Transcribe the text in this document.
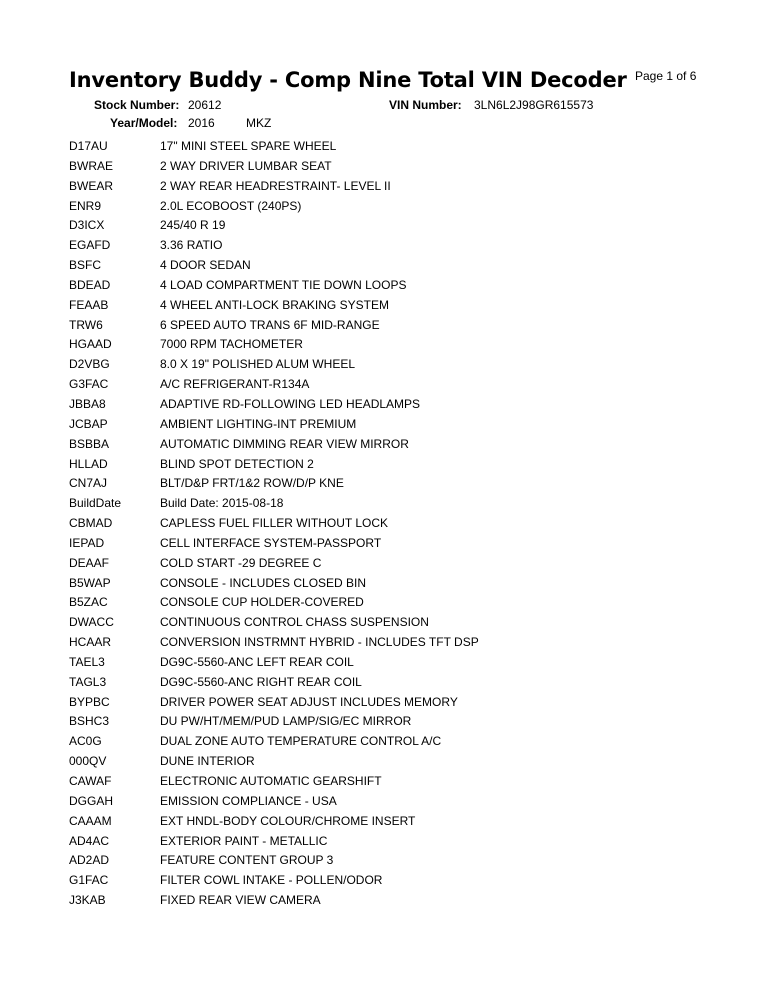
Inventory Buddy - Comp Nine Total VIN Decoder Page 1 of 6
Stock Number: 20612	VIN Number: 3LN6L2J98GR615573
Year/Model: 2016	MKZ
D17AU	17" MINI STEEL SPARE WHEEL
BWRAE	2 WAY DRIVER LUMBAR SEAT
BWEAR	2 WAY REAR HEADRESTRAINT- LEVEL II
ENR9	2.0L ECOBOOST (240PS)
D3ICX	245/40 R 19
EGAFD	3.36 RATIO
BSFC	4 DOOR SEDAN
BDEAD	4 LOAD COMPARTMENT TIE DOWN LOOPS
FEAAB	4 WHEEL ANTI-LOCK BRAKING SYSTEM
TRW6	6 SPEED AUTO TRANS 6F MID-RANGE
HGAAD	7000 RPM TACHOMETER
D2VBG	8.0 X 19" POLISHED ALUM WHEEL
G3FAC	A/C REFRIGERANT-R134A
JBBA8	ADAPTIVE RD-FOLLOWING LED HEADLAMPS
JCBAP	AMBIENT LIGHTING-INT PREMIUM
BSBBA	AUTOMATIC DIMMING REAR VIEW MIRROR
HLLAD	BLIND SPOT DETECTION 2
CN7AJ	BLT/D&P FRT/1&2 ROW/D/P KNE
BuildDate	Build Date: 2015-08-18
CBMAD	CAPLESS FUEL FILLER WITHOUT LOCK
IEPAD	CELL INTERFACE SYSTEM-PASSPORT
DEAAF	COLD START -29 DEGREE C
B5WAP	CONSOLE - INCLUDES CLOSED BIN
B5ZAC	CONSOLE CUP HOLDER-COVERED
DWACC	CONTINUOUS CONTROL CHASS SUSPENSION
HCAAR	CONVERSION INSTRMNT HYBRID - INCLUDES TFT DSP
TAEL3	DG9C-5560-ANC LEFT REAR COIL
TAGL3	DG9C-5560-ANC RIGHT REAR COIL
BYPBC	DRIVER POWER SEAT ADJUST INCLUDES MEMORY
BSHC3	DU PW/HT/MEM/PUD LAMP/SIG/EC MIRROR
AC0G	DUAL ZONE AUTO TEMPERATURE CONTROL A/C
000QV	DUNE INTERIOR
CAWAF	ELECTRONIC AUTOMATIC GEARSHIFT
DGGAH	EMISSION COMPLIANCE - USA
CAAAM	EXT HNDL-BODY COLOUR/CHROME INSERT
AD4AC	EXTERIOR PAINT - METALLIC
AD2AD	FEATURE CONTENT GROUP 3
G1FAC	FILTER COWL INTAKE - POLLEN/ODOR
J3KAB	FIXED REAR VIEW CAMERA
